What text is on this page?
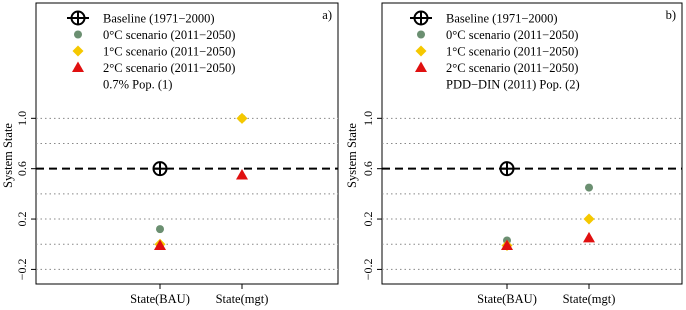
a)
−0.2
0.2
0.6
1.0
System State
State(BAU) State(mgt)
Baseline (1971−2000)
0°C scenario (2011−2050)
1°C scenario (2011−2050)
2°C scenario (2011−2050)
0.7% Pop. (1)
b)
−0.2
0.2
0.6
1.0
System State
State(BAU) State(mgt)
Baseline (1971−2000)
0°C scenario (2011−2050)
1°C scenario (2011−2050)
2°C scenario (2011−2050)
PDD−DIN (2011) Pop. (2)
